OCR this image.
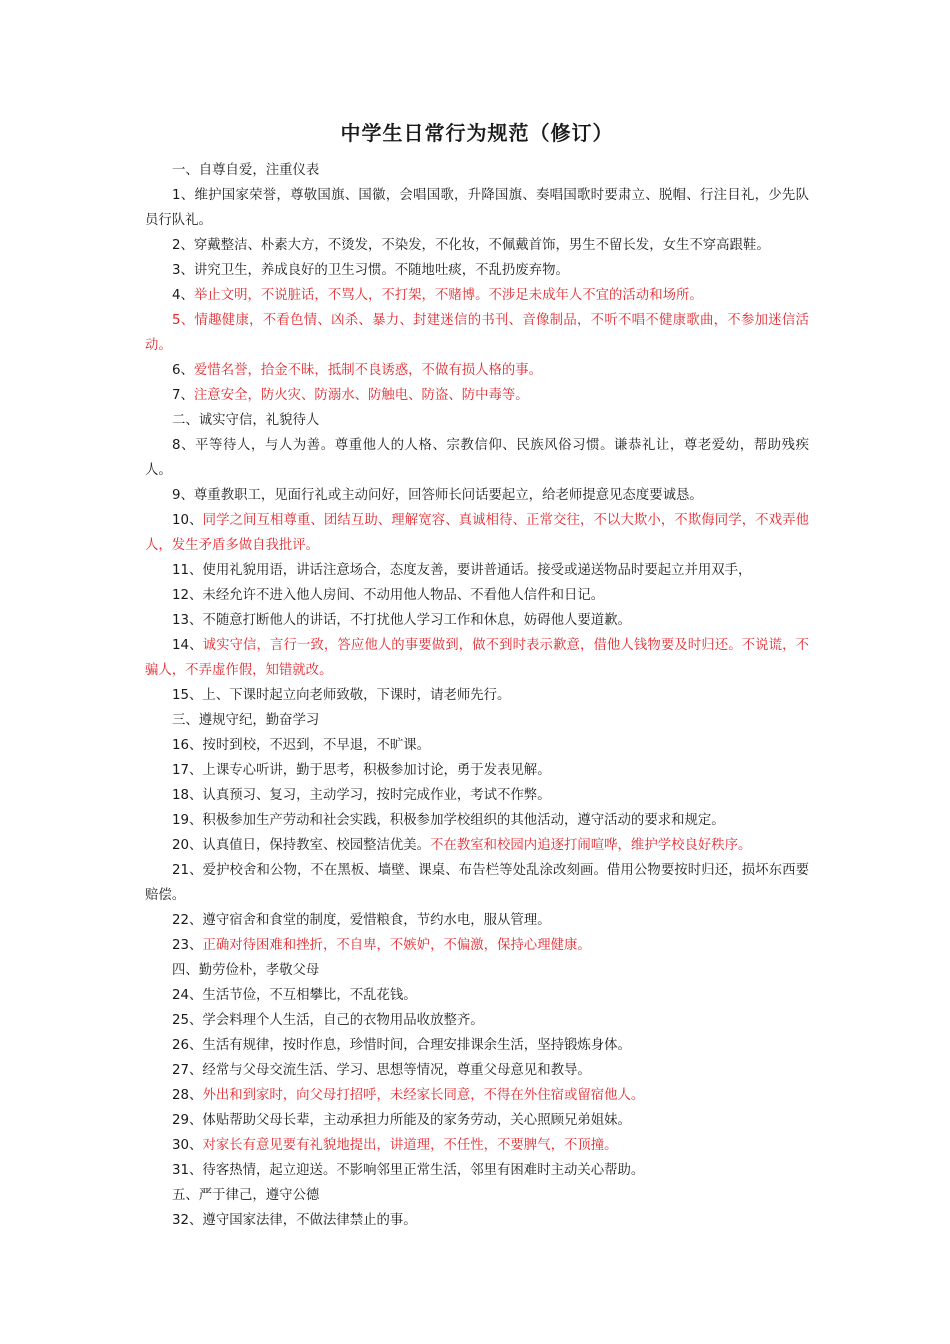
中学生日常行为规范（修订）

一、自尊自爱，注重仪表

1、维护国家荣誉，尊敬国旗、国徽，会唱国歌，升降国旗、奏唱国歌时要肃立、脱帽、行注目礼，少先队员行队礼。

2、穿戴整洁、朴素大方，不烫发，不染发，不化妆，不佩戴首饰，男生不留长发，女生不穿高跟鞋。

3、讲究卫生，养成良好的卫生习惯。不随地吐痰，不乱扔废弃物。

4、举止文明，不说脏话，不骂人，不打架，不赌博。不涉足未成年人不宜的活动和场所。

5、情趣健康，不看色情、凶杀、暴力、封建迷信的书刊、音像制品，不听不唱不健康歌曲，不参加迷信活动。

6、爱惜名誉，拾金不昧，抵制不良诱惑，不做有损人格的事。

7、注意安全，防火灾、防溺水、防触电、防盗、防中毒等。

二、诚实守信，礼貌待人

8、平等待人，与人为善。尊重他人的人格、宗教信仰、民族风俗习惯。谦恭礼让，尊老爱幼，帮助残疾人。

9、尊重教职工，见面行礼或主动问好，回答师长问话要起立，给老师提意见态度要诚恳。

10、同学之间互相尊重、团结互助、理解宽容、真诚相待、正常交往，不以大欺小，不欺侮同学，不戏弄他人，发生矛盾多做自我批评。

11、使用礼貌用语，讲话注意场合，态度友善，要讲普通话。接受或递送物品时要起立并用双手，

12、未经允许不进入他人房间、不动用他人物品、不看他人信件和日记。

13、不随意打断他人的讲话，不打扰他人学习工作和休息，妨碍他人要道歉。

14、诚实守信，言行一致，答应他人的事要做到，做不到时表示歉意，借他人钱物要及时归还。不说谎，不骗人，不弄虚作假，知错就改。

15、上、下课时起立向老师致敬，下课时，请老师先行。

三、遵规守纪，勤奋学习

16、按时到校，不迟到，不早退，不旷课。

17、上课专心听讲，勤于思考，积极参加讨论，勇于发表见解。

18、认真预习、复习，主动学习，按时完成作业，考试不作弊。

19、积极参加生产劳动和社会实践，积极参加学校组织的其他活动，遵守活动的要求和规定。

20、认真值日，保持教室、校园整洁优美。不在教室和校园内追逐打闹喧哗，维护学校良好秩序。

21、爱护校舍和公物，不在黑板、墙壁、课桌、布告栏等处乱涂改刻画。借用公物要按时归还，损坏东西要赔偿。

22、遵守宿舍和食堂的制度，爱惜粮食，节约水电，服从管理。

23、正确对待困难和挫折，不自卑，不嫉妒，不偏激，保持心理健康。

四、勤劳俭朴，孝敬父母

24、生活节俭，不互相攀比，不乱花钱。

25、学会料理个人生活，自己的衣物用品收放整齐。

26、生活有规律，按时作息，珍惜时间，合理安排课余生活，坚持锻炼身体。

27、经常与父母交流生活、学习、思想等情况，尊重父母意见和教导。

28、外出和到家时，向父母打招呼，未经家长同意，不得在外住宿或留宿他人。

29、体贴帮助父母长辈，主动承担力所能及的家务劳动，关心照顾兄弟姐妹。

30、对家长有意见要有礼貌地提出，讲道理，不任性，不要脾气，不顶撞。

31、待客热情，起立迎送。不影响邻里正常生活，邻里有困难时主动关心帮助。

五、严于律己，遵守公德

32、遵守国家法律，不做法律禁止的事。
